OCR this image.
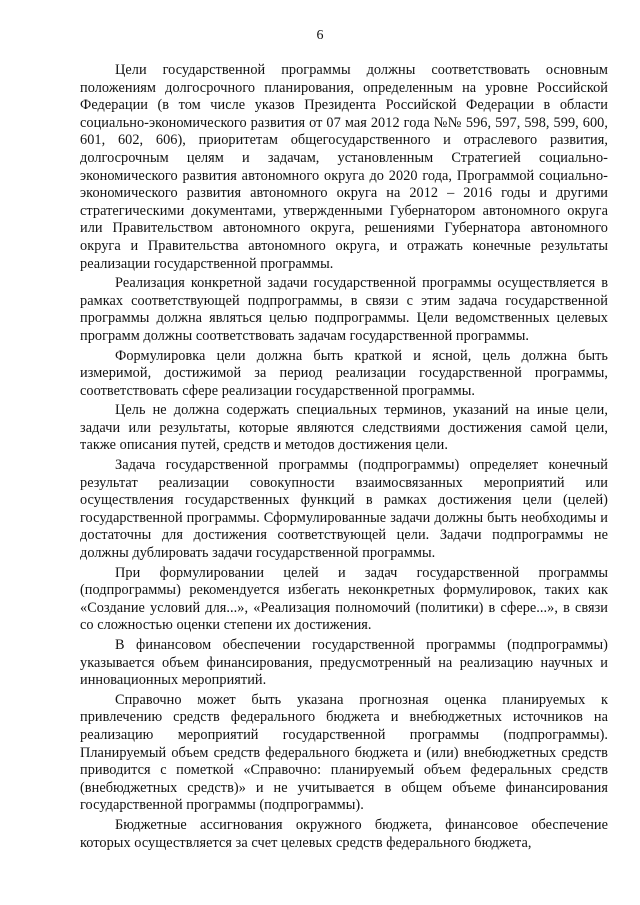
6

Цели государственной программы должны соответствовать основным положениям долгосрочного планирования, определенным на уровне Российской Федерации (в том числе указов Президента Российской Федерации в области социально-экономического развития от 07 мая 2012 года №№ 596, 597, 598, 599, 600, 601, 602, 606), приоритетам общегосударственного и отраслевого развития, долгосрочным целям и задачам, установленным Стратегией социально-экономического развития автономного округа до 2020 года, Программой социально-экономического развития автономного округа на 2012 – 2016 годы и другими стратегическими документами, утвержденными Губернатором автономного округа или Правительством автономного округа, решениями Губернатора автономного округа и Правительства автономного округа, и отражать конечные результаты реализации государственной программы.

Реализация конкретной задачи государственной программы осуществляется в рамках соответствующей подпрограммы, в связи с этим задача государственной программы должна являться целью подпрограммы. Цели ведомственных целевых программ должны соответствовать задачам государственной программы.

Формулировка цели должна быть краткой и ясной, цель должна быть измеримой, достижимой за период реализации государственной программы, соответствовать сфере реализации государственной программы.

Цель не должна содержать специальных терминов, указаний на иные цели, задачи или результаты, которые являются следствиями достижения самой цели, также описания путей, средств и методов достижения цели.

Задача государственной программы (подпрограммы) определяет конечный результат реализации совокупности взаимосвязанных мероприятий или осуществления государственных функций в рамках достижения цели (целей) государственной программы. Сформулированные задачи должны быть необходимы и достаточны для достижения соответствующей цели. Задачи подпрограммы не должны дублировать задачи государственной программы.

При формулировании целей и задач государственной программы (подпрограммы) рекомендуется избегать неконкретных формулировок, таких как «Создание условий для...», «Реализация полномочий (политики) в сфере...», в связи со сложностью оценки степени их достижения.

В финансовом обеспечении государственной программы (подпрограммы) указывается объем финансирования, предусмотренный на реализацию научных и инновационных мероприятий.

Справочно может быть указана прогнозная оценка планируемых к привлечению средств федерального бюджета и внебюджетных источников на реализацию мероприятий государственной программы (подпрограммы). Планируемый объем средств федерального бюджета и (или) внебюджетных средств приводится с пометкой «Справочно: планируемый объем федеральных средств (внебюджетных средств)» и не учитывается в общем объеме финансирования государственной программы (подпрограммы).

Бюджетные ассигнования окружного бюджета, финансовое обеспечение которых осуществляется за счет целевых средств федерального бюджета,
